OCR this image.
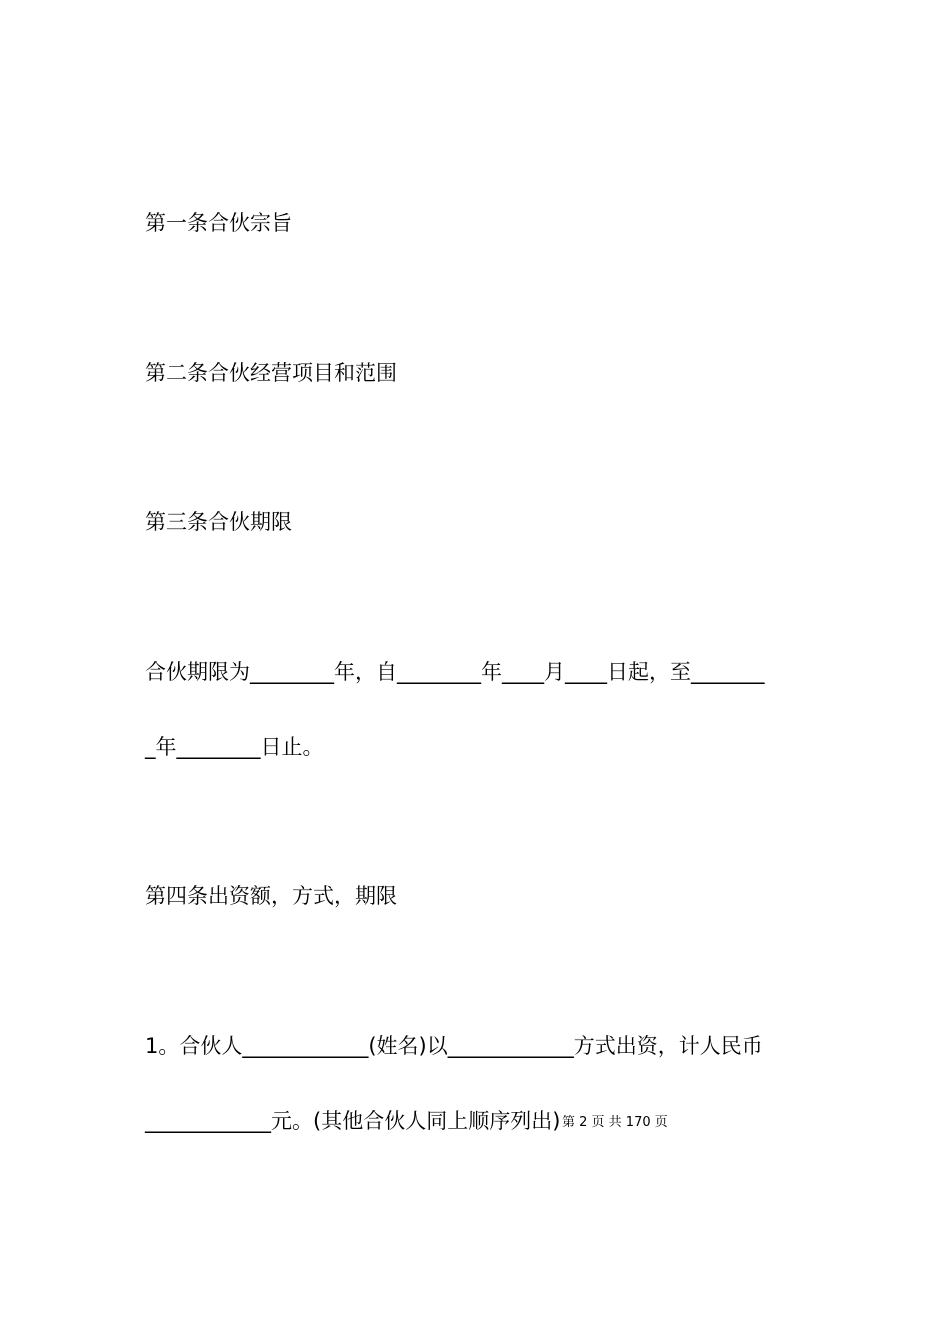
第一条合伙宗旨

第二条合伙经营项目和范围

第三条合伙期限

合伙期限为________年，自________年____月____日起，至_______

_年________日止。

第四条出资额，方式，期限

1。合伙人____________(姓名)以____________方式出资，计人民币

____________元。(其他合伙人同上顺序列出) 第 2 页 共 170 页
